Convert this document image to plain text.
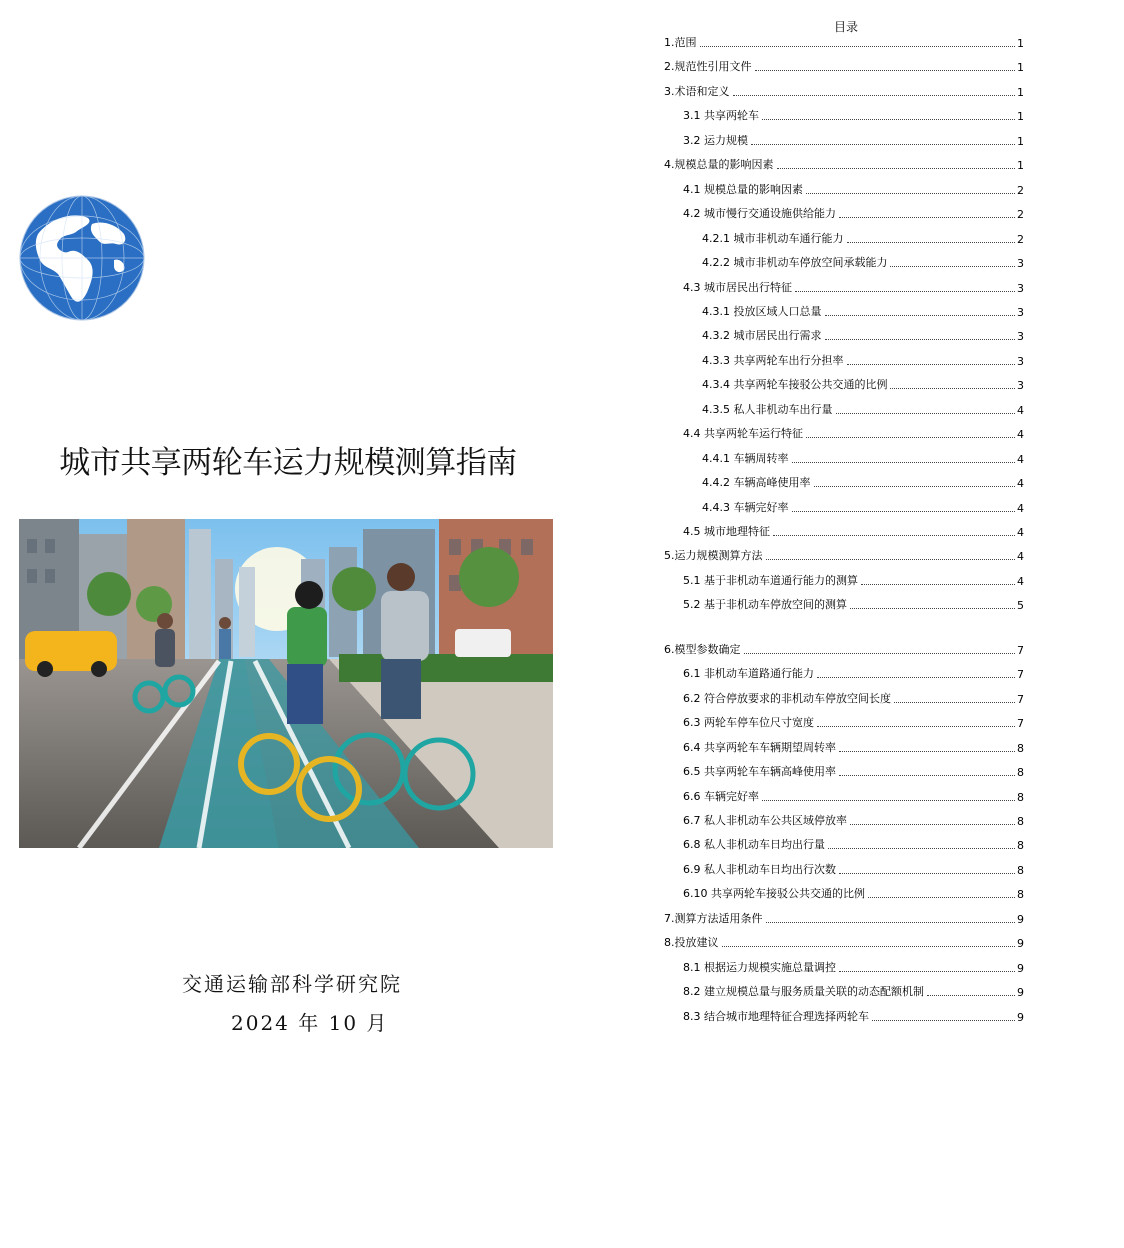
城市共享两轮车运力规模测算指南
交通运输部科学研究院
2024 年 10 月
目录
1.范围	1
2.规范性引用文件	1
3.术语和定义	1
3.1 共享两轮车	1
3.2 运力规模	1
4.规模总量的影响因素	1
4.1 规模总量的影响因素	2
4.2 城市慢行交通设施供给能力	2
4.2.1 城市非机动车通行能力	2
4.2.2 城市非机动车停放空间承载能力	3
4.3 城市居民出行特征	3
4.3.1 投放区域人口总量	3
4.3.2 城市居民出行需求	3
4.3.3 共享两轮车出行分担率	3
4.3.4 共享两轮车接驳公共交通的比例	3
4.3.5 私人非机动车出行量	4
4.4 共享两轮车运行特征	4
4.4.1 车辆周转率	4
4.4.2 车辆高峰使用率	4
4.4.3 车辆完好率	4
4.5 城市地理特征	4
5.运力规模测算方法	4
5.1 基于非机动车道通行能力的测算	4
5.2 基于非机动车停放空间的测算	5
6.模型参数确定	7
6.1 非机动车道路通行能力	7
6.2 符合停放要求的非机动车停放空间长度	7
6.3 两轮车停车位尺寸宽度	7
6.4 共享两轮车车辆期望周转率	8
6.5 共享两轮车车辆高峰使用率	8
6.6 车辆完好率	8
6.7 私人非机动车公共区域停放率	8
6.8 私人非机动车日均出行量	8
6.9 私人非机动车日均出行次数	8
6.10 共享两轮车接驳公共交通的比例	8
7.测算方法适用条件	9
8.投放建议	9
8.1 根据运力规模实施总量调控	9
8.2 建立规模总量与服务质量关联的动态配额机制	9
8.3 结合城市地理特征合理选择两轮车	9
